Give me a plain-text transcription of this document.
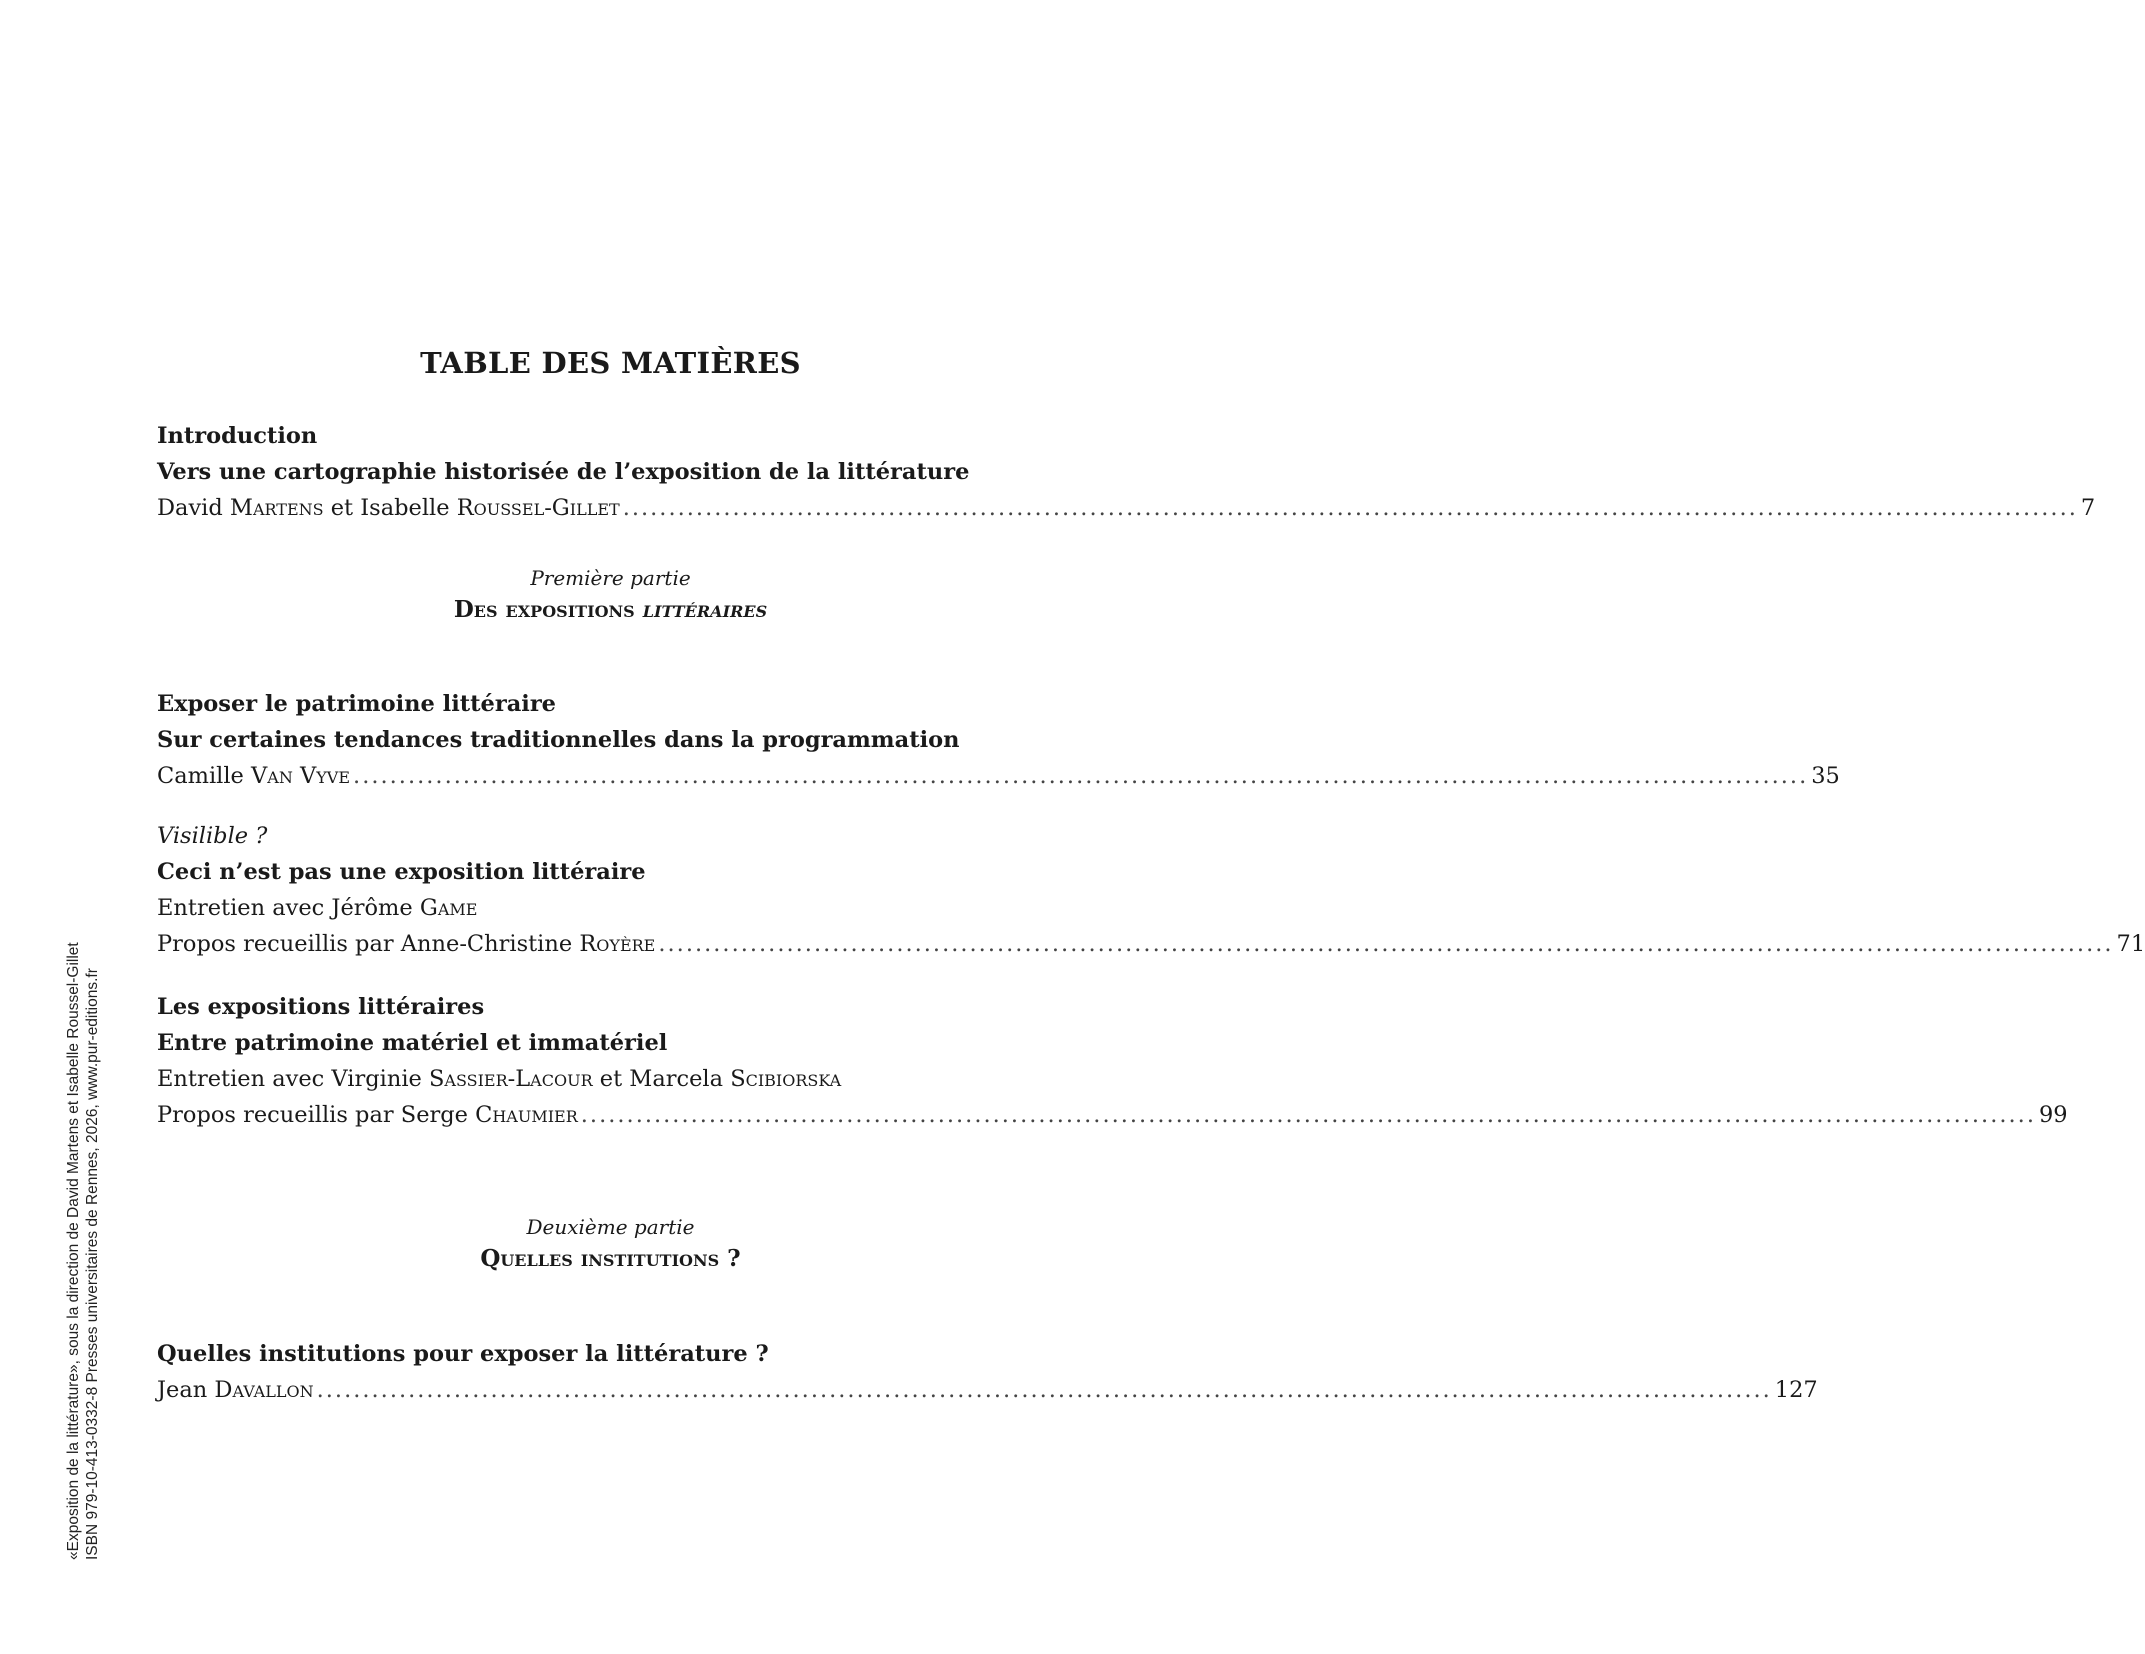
TABLE DES MATIÈRES
Introduction
Vers une cartographie historisée de l’exposition de la littérature
David Martens et Isabelle Roussel-Gillet ............................................................................................................................................................... 7
Première partie
Des expositions littéraires
Exposer le patrimoine littéraire
Sur certaines tendances traditionnelles dans la programmation
Camille Van Vyve ............................................................................................................................................................... 35
Visilible ?
Ceci n’est pas une exposition littéraire
Entretien avec Jérôme Game
Propos recueillis par Anne-Christine Royère ............................................................................................................................................................... 71
Les expositions littéraires
Entre patrimoine matériel et immatériel
Entretien avec Virginie Sassier-Lacour et Marcela Scibiorska
Propos recueillis par Serge Chaumier ............................................................................................................................................................... 99
Deuxième partie
Quelles institutions ?
Quelles institutions pour exposer la littérature ?
Jean Davallon ............................................................................................................................................................... 127
«Exposition de la littérature», sous la direction de David Martens et Isabelle Roussel-Gillet ISBN 979-10-413-0332-8 Presses universitaires de Rennes, 2026, www.pur-editions.fr
